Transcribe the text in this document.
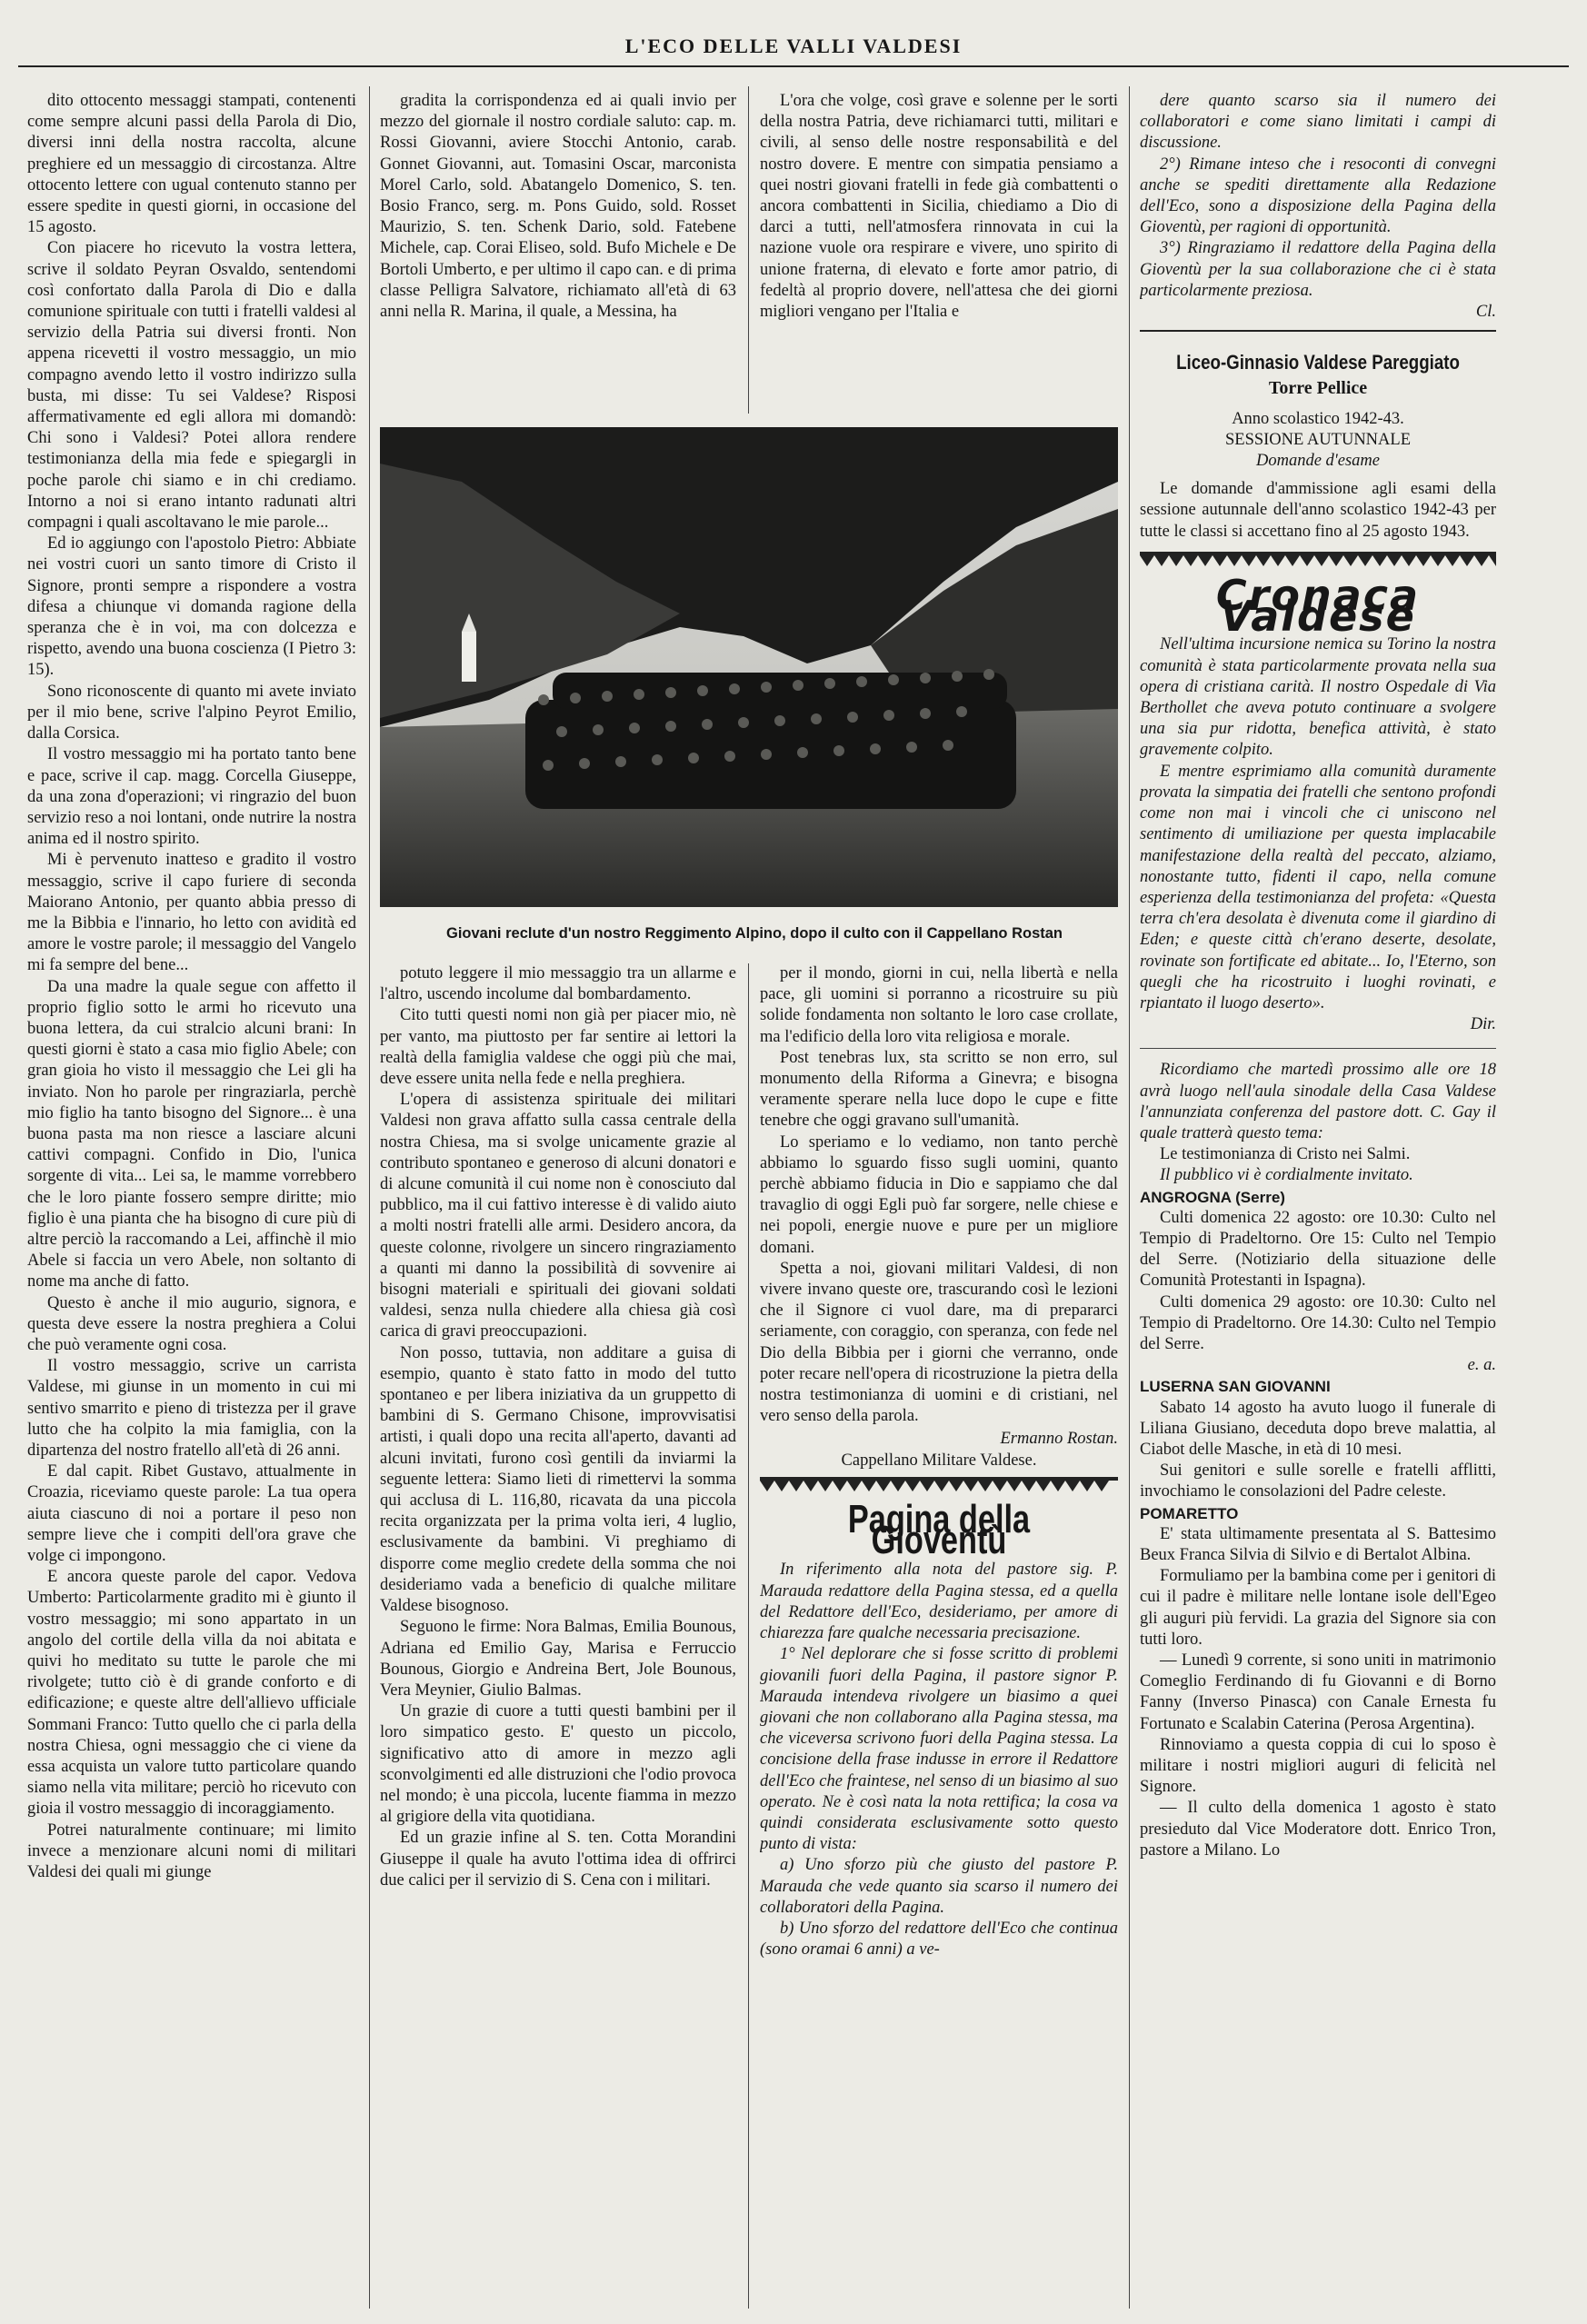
L'ECO DELLE VALLI VALDESI

dito ottocento messaggi stampati, contenenti come sempre alcuni passi della Parola di Dio, diversi inni della nostra raccolta, alcune preghiere ed un messaggio di circostanza. Altre ottocento lettere con ugual contenuto stanno per essere spedite in questi giorni, in occasione del 15 agosto.

Con piacere ho ricevuto la vostra lettera, scrive il soldato Peyran Osvaldo, sentendomi così confortato dalla Parola di Dio e dalla comunione spirituale con tutti i fratelli valdesi al servizio della Patria sui diversi fronti. Non appena ricevetti il vostro messaggio, un mio compagno avendo letto il vostro indirizzo sulla busta, mi disse: Tu sei Valdese? Risposi affermativamente ed egli allora mi domandò: Chi sono i Valdesi? Potei allora rendere testimonianza della mia fede e spiegargli in poche parole chi siamo e in chi crediamo. Intorno a noi si erano intanto radunati altri compagni i quali ascoltavano le mie parole...

Ed io aggiungo con l'apostolo Pietro: Abbiate nei vostri cuori un santo timore di Cristo il Signore, pronti sempre a rispondere a vostra difesa a chiunque vi domanda ragione della speranza che è in voi, ma con dolcezza e rispetto, avendo una buona coscienza (I Pietro 3: 15).

Sono riconoscente di quanto mi avete inviato per il mio bene, scrive l'alpino Peyrot Emilio, dalla Corsica.

Il vostro messaggio mi ha portato tanto bene e pace, scrive il cap. magg. Corcella Giuseppe, da una zona d'operazioni; vi ringrazio del buon servizio reso a noi lontani, onde nutrire la nostra anima ed il nostro spirito.

Mi è pervenuto inatteso e gradito il vostro messaggio, scrive il capo furiere di seconda Maiorano Antonio, per quanto abbia presso di me la Bibbia e l'innario, ho letto con avidità ed amore le vostre parole; il messaggio del Vangelo mi fa sempre del bene...

Da una madre la quale segue con affetto il proprio figlio sotto le armi ho ricevuto una buona lettera, da cui stralcio alcuni brani: In questi giorni è stato a casa mio figlio Abele; con gran gioia ho visto il messaggio che Lei gli ha inviato. Non ho parole per ringraziarla, perchè mio figlio ha tanto bisogno del Signore... è una buona pasta ma non riesce a lasciare alcuni cattivi compagni. Confido in Dio, l'unica sorgente di vita... Lei sa, le mamme vorrebbero che le loro piante fossero sempre diritte; mio figlio è una pianta che ha bisogno di cure più di altre perciò la raccomando a Lei, affinchè il mio Abele si faccia un vero Abele, non soltanto di nome ma anche di fatto.

Questo è anche il mio augurio, signora, e questa deve essere la nostra preghiera a Colui che può veramente ogni cosa.

Il vostro messaggio, scrive un carrista Valdese, mi giunse in un momento in cui mi sentivo smarrito e pieno di tristezza per il grave lutto che ha colpito la mia famiglia, con la dipartenza del nostro fratello all'età di 26 anni.

E dal capit. Ribet Gustavo, attualmente in Croazia, riceviamo queste parole: La tua opera aiuta ciascuno di noi a portare il peso non sempre lieve che i compiti dell'ora grave che volge ci impongono.

E ancora queste parole del capor. Vedova Umberto: Particolarmente gradito mi è giunto il vostro messaggio; mi sono appartato in un angolo del cortile della villa da noi abitata e quivi ho meditato su tutte le parole che mi rivolgete; tutto ciò è di grande conforto e di edificazione; e queste altre dell'allievo ufficiale Sommani Franco: Tutto quello che ci parla della nostra Chiesa, ogni messaggio che ci viene da essa acquista un valore tutto particolare quando siamo nella vita militare; perciò ho ricevuto con gioia il vostro messaggio di incoraggiamento.

Potrei naturalmente continuare; mi limito invece a menzionare alcuni nomi di militari Valdesi dei quali mi giunge

gradita la corrispondenza ed ai quali invio per mezzo del giornale il nostro cordiale saluto: cap. m. Rossi Giovanni, aviere Stocchi Antonio, carab. Gonnet Giovanni, aut. Tomasini Oscar, marconista Morel Carlo, sold. Abatangelo Domenico, S. ten. Bosio Franco, serg. m. Pons Guido, sold. Rosset Maurizio, S. ten. Schenk Dario, sold. Fatebene Michele, cap. Corai Eliseo, sold. Bufo Michele e De Bortoli Umberto, e per ultimo il capo can. e di prima classe Pelligra Salvatore, richiamato all'età di 63 anni nella R. Marina, il quale, a Messina, ha

L'ora che volge, così grave e solenne per le sorti della nostra Patria, deve richiamarci tutti, militari e civili, al senso delle nostre responsabilità e del nostro dovere. E mentre con simpatia pensiamo a quei nostri giovani fratelli in fede già combattenti o ancora combattenti in Sicilia, chiediamo a Dio di darci a tutti, nell'atmosfera rinnovata in cui la nazione vuole ora respirare e vivere, uno spirito di unione fraterna, di elevato e forte amor patrio, di fedeltà al proprio dovere, nell'attesa che dei giorni migliori vengano per l'Italia e

Giovani reclute d'un nostro Reggimento Alpino, dopo il culto con il Cappellano Rostan

potuto leggere il mio messaggio tra un allarme e l'altro, uscendo incolume dal bombardamento.

Cito tutti questi nomi non già per piacer mio, nè per vanto, ma piuttosto per far sentire ai lettori la realtà della famiglia valdese che oggi più che mai, deve essere unita nella fede e nella preghiera.

L'opera di assistenza spirituale dei militari Valdesi non grava affatto sulla cassa centrale della nostra Chiesa, ma si svolge unicamente grazie al contributo spontaneo e generoso di alcuni donatori e di alcune comunità il cui nome non è conosciuto dal pubblico, ma il cui fattivo interesse è di valido aiuto a molti nostri fratelli alle armi. Desidero ancora, da queste colonne, rivolgere un sincero ringraziamento a quanti mi danno la possibilità di sovvenire ai bisogni materiali e spirituali dei giovani soldati valdesi, senza nulla chiedere alla chiesa già così carica di gravi preoccupazioni.

Non posso, tuttavia, non additare a guisa di esempio, quanto è stato fatto in modo del tutto spontaneo e per libera iniziativa da un gruppetto di bambini di S. Germano Chisone, improvvisatisi artisti, i quali dopo una recita all'aperto, davanti ad alcuni invitati, furono così gentili da inviarmi la seguente lettera: Siamo lieti di rimettervi la somma qui acclusa di L. 116,80, ricavata da una piccola recita organizzata per la prima volta ieri, 4 luglio, esclusivamente da bambini. Vi preghiamo di disporre come meglio credete della somma che noi desideriamo vada a beneficio di qualche militare Valdese bisognoso.

Seguono le firme: Nora Balmas, Emilia Bounous, Adriana ed Emilio Gay, Marisa e Ferruccio Bounous, Giorgio e Andreina Bert, Jole Bounous, Vera Meynier, Giulio Balmas.

Un grazie di cuore a tutti questi bambini per il loro simpatico gesto. E' questo un piccolo, significativo atto di amore in mezzo agli sconvolgimenti ed alle distruzioni che l'odio provoca nel mondo; è una piccola, lucente fiamma in mezzo al grigiore della vita quotidiana.

Ed un grazie infine al S. ten. Cotta Morandini Giuseppe il quale ha avuto l'ottima idea di offrirci due calici per il servizio di S. Cena con i militari.

per il mondo, giorni in cui, nella libertà e nella pace, gli uomini si porranno a ricostruire su più solide fondamenta non soltanto le loro case crollate, ma l'edificio della loro vita religiosa e morale.

Post tenebras lux, sta scritto se non erro, sul monumento della Riforma a Ginevra; e bisogna veramente sperare nella luce dopo le cupe e fitte tenebre che oggi gravano sull'umanità.

Lo speriamo e lo vediamo, non tanto perchè abbiamo lo sguardo fisso sugli uomini, quanto perchè abbiamo fiducia in Dio e sappiamo che dal travaglio di oggi Egli può far sorgere, nelle chiese e nei popoli, energie nuove e pure per un migliore domani.

Spetta a noi, giovani militari Valdesi, di non vivere invano queste ore, trascurando così le lezioni che il Signore ci vuol dare, ma di prepararci seriamente, con coraggio, con speranza, con fede nel Dio della Bibbia per i giorni che verranno, onde poter recare nell'opera di ricostruzione la pietra della nostra testimonianza di uomini e di cristiani, nel vero senso della parola.

Ermanno Rostan.

Cappellano Militare Valdese.

Pagina della Gioventù

In riferimento alla nota del pastore sig. P. Marauda redattore della Pagina stessa, ed a quella del Redattore dell'Eco, desideriamo, per amore di chiarezza fare qualche necessaria precisazione.

1° Nel deplorare che si fosse scritto di problemi giovanili fuori della Pagina, il pastore signor P. Marauda intendeva rivolgere un biasimo a quei giovani che non collaborano alla Pagina stessa, ma che viceversa scrivono fuori della Pagina stessa. La concisione della frase indusse in errore il Redattore dell'Eco che fraintese, nel senso di un biasimo al suo operato. Ne è così nata la nota rettifica; la cosa va quindi considerata esclusivamente sotto questo punto di vista:

a) Uno sforzo più che giusto del pastore P. Marauda che vede quanto sia scarso il numero dei collaboratori della Pagina.

b) Uno sforzo del redattore dell'Eco che continua (sono oramai 6 anni) a ve-

dere quanto scarso sia il numero dei collaboratori e come siano limitati i campi di discussione.

2°) Rimane inteso che i resoconti di convegni anche se spediti direttamente alla Redazione dell'Eco, sono a disposizione della Pagina della Gioventù, per ragioni di opportunità.

3°) Ringraziamo il redattore della Pagina della Gioventù per la sua collaborazione che ci è stata particolarmente preziosa.

Cl.

Liceo-Ginnasio Valdese Pareggiato

Torre Pellice

Anno scolastico 1942-43.

SESSIONE AUTUNNALE

Domande d'esame

Le domande d'ammissione agli esami della sessione autunnale dell'anno scolastico 1942-43 per tutte le classi si accettano fino al 25 agosto 1943.

Cronaca Valdese

Nell'ultima incursione nemica su Torino la nostra comunità è stata particolarmente provata nella sua opera di cristiana carità. Il nostro Ospedale di Via Berthollet che aveva potuto continuare a svolgere una sia pur ridotta, benefica attività, è stato gravemente colpito.

E mentre esprimiamo alla comunità duramente provata la simpatia dei fratelli che sentono profondi come non mai i vincoli che ci uniscono nel sentimento di umiliazione per questa implacabile manifestazione della realtà del peccato, alziamo, nonostante tutto, fidenti il capo, nella comune esperienza della testimonianza del profeta: «Questa terra ch'era desolata è divenuta come il giardino di Eden; e queste città ch'erano deserte, desolate, rovinate son fortificate ed abitate... Io, l'Eterno, son quegli che ha ricostruito i luoghi rovinati, e rpiantato il luogo deserto».

Dir.

Ricordiamo che martedì prossimo alle ore 18 avrà luogo nell'aula sinodale della Casa Valdese l'annunziata conferenza del pastore dott. C. Gay il quale tratterà questo tema:

Le testimonianza di Cristo nei Salmi.

Il pubblico vi è cordialmente invitato.

ANGROGNA (Serre)

Culti domenica 22 agosto: ore 10.30: Culto nel Tempio di Pradeltorno. Ore 15: Culto nel Tempio del Serre. (Notiziario della situazione delle Comunità Protestanti in Ispagna).

Culti domenica 29 agosto: ore 10.30: Culto nel Tempio di Pradeltorno. Ore 14.30: Culto nel Tempio del Serre.

e. a.

LUSERNA SAN GIOVANNI

Sabato 14 agosto ha avuto luogo il funerale di Liliana Giusiano, deceduta dopo breve malattia, al Ciabot delle Masche, in età di 10 mesi.

Sui genitori e sulle sorelle e fratelli afflitti, invochiamo le consolazioni del Padre celeste.

POMARETTO

E' stata ultimamente presentata al S. Battesimo Beux Franca Silvia di Silvio e di Bertalot Albina.

Formuliamo per la bambina come per i genitori di cui il padre è militare nelle lontane isole dell'Egeo gli auguri più fervidi. La grazia del Signore sia con tutti loro.

— Lunedì 9 corrente, si sono uniti in matrimonio Comeglio Ferdinando di fu Giovanni e di Borno Fanny (Inverso Pinasca) con Canale Ernesta fu Fortunato e Scalabin Caterina (Perosa Argentina).

Rinnoviamo a questa coppia di cui lo sposo è militare i nostri migliori auguri di felicità nel Signore.

— Il culto della domenica 1 agosto è stato presieduto dal Vice Moderatore dott. Enrico Tron, pastore a Milano. Lo
